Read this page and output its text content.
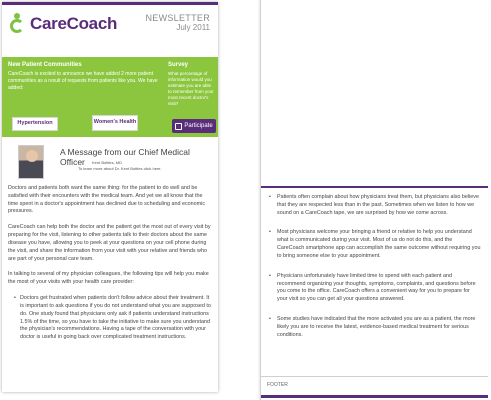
CareCoach	NEWSLETTER
July 2011
New Patient Communities
CareCoach is excited to announce we have added 2 more patient communities as a result of requests from patients like you. We have added:
Hypertension	Women's Health
Survey
What percentage of information would you estimate you are able to remember from your most recent doctor's visit?
Participate
A Message from our Chief Medical Officer	Kent Bottles, MD
To learn more about Dr. Kent Bottles click here.

Doctors and patients both want the same thing: for the patient to do well and be satisfied with their encounters with the medical team. And yet we all know that the time spent in a doctor's appointment has declined due to scheduling and economic pressures.

CareCoach can help both the doctor and the patient get the most out of every visit by preparing for the visit, listening to other patients talk to their doctors about the same disease you have, allowing you to peek at your questions on your cell phone during the visit, and share the information from your visit with your relative and friends who are part of your personal care team.

In talking to several of my physician colleagues, the following tips will help you make the most of your visits with your health care provider:

• Doctors get frustrated when patients don't follow advice about their treatment. It is important to ask questions if you do not understand what you are supposed to do. One study found that physicians only ask if patients understand instructions 1.5% of the time, so you have to take the initiative to make sure you understand the physician's recommendations. Having a tape of the conversation with your doctor is useful in going back over complicated treatment instructions.
• Patients often complain about how physicians treat them, but physicians also believe that they are respected less than in the past. Sometimes when we listen to how we sound on a CareCoach tape, we are surprised by how we come across.
• Most physicians welcome your bringing a friend or relative to help you understand what is communicated during your visit. Most of us do not do this, and the CareCoach smartphone app can accomplish the same outcome without requiring you to bring someone else to your appointment.
• Physicians unfortunately have limited time to spend with each patient and recommend organizing your thoughts, symptoms, complaints, and questions before you come to the office. CareCoach offers a convenient way for you to prepare for your visit so you can get all your questions answered.
• Some studies have indicated that the more activated you are as a patient, the more likely you are to receive the latest, evidence-based medical treatment for serious conditions.
FOOTER
